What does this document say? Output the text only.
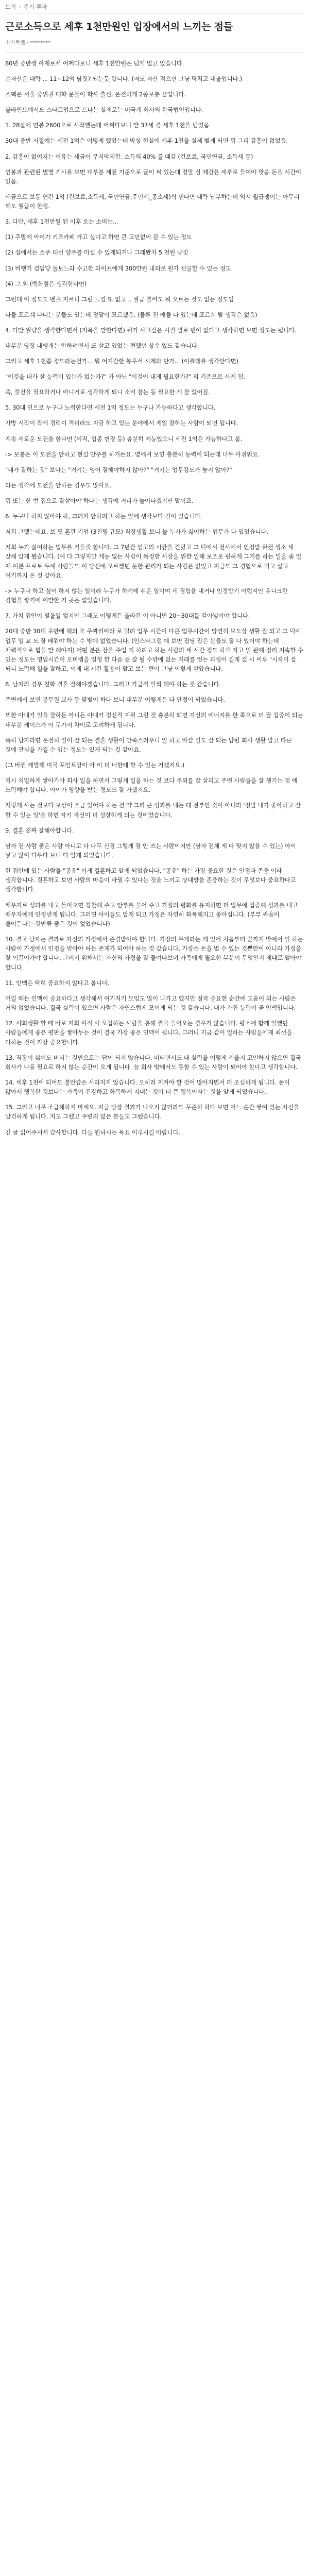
토픽 › 주식·투자
근로소득으로 세후 1천만원인 입장에서의 느끼는 점들
소비트렌 · ********

80년 중반생 아재로서 어쩌다보니 세후 1천만원은 넘게 벌고 있습니다.

순자산은 대략 ... 11~12억 남짓? 되는듯 합니다. (저도 자산 적으면 그냥 닥치고 대출입니다.)

스펙은 서울 중위권 대학 문돌이 학사 출신. 온전하게 2종보통 끝입니다.

블라인드에서도 스타트업으로 드나는 실제로는 미국계 회사의 한국법인입니다.

1. 28살에 연봉 2600으로 시작했는데 어쩌다보니 만 37세 경 세후 1천을 넘었음

30대 중반 시절에는 세전 1억은 어떻게 했었는데 막상 현실에 세후 1천을 실제 벌게 되면 뭐 그리 감흥이 없었음.

2. 감흥이 없어지는 이유는 세금이 무지막지함. 소득의 40% 를 때감 (건보료, 국민연금, 소득세 등)

연봉과 관련된 별별 기사를 보면 대부분 세전 기준으로 글이 써 있는데 정말 실 체감은 세후로 들여야 맞음 돈을 시간이 없음.

세금으로 보통 연간 1억 (건보료,소득세, 국민연금,주민세_종소세)씩 낸다면 대략 납부하는데 역시 월급쟁이는 아무리 해도 월급이 한정.

3. 다만, 세후 1천만원 된 이후 오는 소비는...

(1) 주말에 아이가 키즈카페 가고 싶다고 하면 큰 고민없이 갈 수 있는 정도

(2) 집에서는 소주 대신 양주를 마실 수 있게되거나 그래봤자 5 천원 남짓

(3) 비행기 검입당 돌보느라 수고한 와이프에게 300만원 내외로 원가 선물할 수 있는 정도

(4) 그 외 (백화점은 생각한다면)

그런데 이 정도도 벤츠 지르니 그런 느낌 또 없고 .. 월급 불어도 뭐 오르는 것도 없는 정도임

다들 포르쉐 다니는 분들도 있는데 정말이 모르겠음. (물론 전 애들 다 있는데 포르쉐 탈 생각은 없음)

4. 다만 월냥을 생각한다면서 (지목을 만한다면) 뭔가 사고싶은 시절 별로 빈이 없다고 생각하면 보면 정도는 됩니다.

대부분 당장 내팽개는 안하려면서 또 살고 있었는 편했던 상수 있도 같습니다.

그리고 세후 1천쯤 정도라는건가... 뭐 어지간한 봉투서 시계와 단가... (이를테를 생각안다면)

"이것을 내가 살 능력이 있는가 없는가?" 가 아닌 "이것이 내게 필요한가?" 의 기준으로 사게 됨.

즉, 물건을 필요하거나 아니거로 생각하게 되니 소비 참는 등 필요한 게 잘 없어짐.

5. 30대 인으로 누구나 노력한다면 세전 1억 정도는 누구나 가능하다고 생각합니다.

가방 시작이 작게 경력이 적더라도 지금 하고 있는 분야에서 제일 잘하는 사람이 되면 됩니다.

계속 새로운 도전을 한다면 (이직, 업종 변경 등) 충분히 제능있으니 세전 1억은 가능하다고 봄.

-> 보통은 이 도전을 안하고 현실 안주를 하거든요. 옆에서 보면 충분히 능력이 되는데 너무 아쉬워요.

"내가 잘하는 것" 보다는 "거기는 영어 잘해야하지 않아?" "거기는 업무강도가 높지 않아?"

라는 생각에 도전을 안하는 경우도 많아요.

뭐 또는 한 번 집으로 잘살아야 하다는 생각에 거리가 늘어나겠지만 말이죠.

6. 누구나 하지 않아야 하, 끄러지 안하려고 하는 일에 생각보다 길이 있습니다.

저희 그랬는데요. 보 및 혼관 기업 (3천명 규모) 직장생활 보니 늘 누가가 싫어하는 업무가 다 있었습니다.

저희 누가 싫어하는 업무를 거들줄 합니다. 그 7년간 인고의 시간을 견뎠고 그 덕에서 전사에서 인정받 완전 생소 새 잘해 알게 됐습니다. (예 다 그렇지만 재능 없는 사람이 특정한 사장을 위한 일해 보조로 편하게 그거를 하는 일을 좀 일 제 이분 프로토 두세 사람들도 이 당신에 모르겠던 듯한 관리가 되는 사람은 없었고 지금도 그 경험으로 먹고 살고 여기까지 온 것 같아요.

-> 누구나 하고 싶어 하지 않는 일이라 누구가 하기에 쉬운 일이여 세 경험을 내거나 인정받기 어렵지만 유니크한 경험을 쌓기에 이만한 기 곳은 없었습니다.

7. 가치 집안이 별볼일 없지만 그래도 어떻게든 올라간 이 아니면 20~30대를 갈아넣어야 합니다.

20대 중반 30대 초반에 해외 조 주짜리이라 로 밀려 업무 시간이 다른 업무시간이 당연히 보도상 생활 잘 되고 그 덕에 업무 일 교 도 잘 배워야 하는 수 밖에 없었습니다. (인스타그램 에 보면 잡당 잡은 분들도 잘 다 있어야 하는데 체력적으로 힘들 만 해야지) 어떤 분은 잠을 주업 지 하려고 하는 사람의 세 시간 정도 하루 자고 일 관해 정리 지속할 수 있는 정도는 영업시간이 오버랩을 엄청 한 다음 등 잘 될 수밖에 없는 거래를 얻는 과정이 길게 걸 시 이루 "시작이 잘 되니 노력해 일을 잘하고, 이게 내 시간 활용이 말고 보는 편이 그냥 이렇게 살았습니다.

8. 남자의 경우 친학 결혼 잘해야겠습니다. 그리고 가급적 일찍 해야 하는 것 같습니다.

주변에서 보면 공무원 교사 등 맞벌이 하다 보니 대부분 어떻게든 다 안정이 되었습니다.

또한 아내가 일을 잘하든 아니든 아내가 정신적 지원 그런 것 충분히 되면 자신의 에너지를 한 쪽으로 더 잘 집중이 되는 대부분 케이스가 이 두가지 차이로 고려하게 됩니다.

특히 남자라면 온전히 일이 잘 되는 결혼 생활이 만족스러우니 일 하고 바깥 일도 잘 되는 남편 회사 생활 말고 다른 것에 관심을 가질 수 있는 정도는 있게 되는 것 같아요.

(그 바뀐 케발해 미국 포인트망이 아 이 더 너한테 할 수 있는 거겠지요.)

역시 치밀하게 쌓아가야 회사 일을 하면서 그렇게 일을 하는 것 보다 주위를 잘 살피고 주변 사람들을 잘 챙기는 것 에 노력해야 합니다. 아이가 영향을 받는 정도도 잘 가겠지요.

저렇게 사는 것보다 보상이 조금 있어야 하는 건 약 그리 큰 성과를 내는 데 전부인 것이 아니라 '정말 내가 좋아하고 잘 할 수 있는 일'을 하면 자기 자신이 더 성장하게 되는 것이었습니다.

9. 결혼 진짜 잘해야합니다.

남자 전 사람 좋은 사람 아니고 다 나무 신경 그렇게 잘 안 쓰는 사람이지만 (남자 전체 게 다 맞지 않을 수 있는) 아이 낳고 많이 다투다 보니 다 알게 되었습니다.

한 집안에 있는 사람들 "공유" 이게 결혼하고 알게 되었습니다. "공유" 하는 가장 중요한 것은 인정과 존중 이라 생각합니다. 결혼하고 보면 사람의 마음이 바뀔 수 있다는 것을 느끼고 상대방을 존중하는 것이 무엇보다 중요하다고 생각합니다.

배우자로 성과를 내고 돌아오면 칭찬해 주고 안부를 물어 주고 가정의 평화를 유지하면 더 업무에 집중해 성과를 내고 배우자에게 인정받게 됩니다. 그러면 아이들도 알게 되고 가정은 자연히 화목해지고 좋아집니다. (부부 싸움이 줄어든다는 것만큼 좋은 것이 없었습니다)

10. 결국 남자는 결과로 자신의 가정에서 존경받아야 합니다. 가장의 무게라는 게 있어 처음부터 끝까지 밖에서 일 하는 사람이 가정에서 인정을 받아야 하는 존재가 되어야 하는 것 같습니다. 가장은 돈을 벌 수 있는 것뿐만이 아니라 가정을 잘 이끌어가야 합니다. 그러기 위해서는 자신의 가정을 잘 들여다보며 가족에게 필요한 부분이 무엇인지 제대로 알아야 합니다.

11. 인맥은 딱히 중요하지 않다고 봅니다.

어릴 때는 인맥이 중요하다고 생각해서 여기저기 모임도 많이 나가고 했지만 정작 중요한 순간에 도움이 되는 사람은 거의 없었습니다. 결국 실력이 있으면 사람은 자연스럽게 모이게 되는 것 같습니다. 내가 가진 능력이 곧 인맥입니다.

12. 사회생활 할 때 바로 저희 이직 사 모집하는 사람을 통해 결국 들어오는 경우가 많습니다. 평소에 함께 일했던 사람들에게 좋은 평판을 쌓아두는 것이 결국 가장 좋은 인맥이 됩니다. 그러니 지금 같이 일하는 사람들에게 최선을 다하는 것이 가장 중요합니다.

13. 직장이 싫어도 버티는 것만으로는 답이 되지 않습니다. 버티면서도 내 실력을 어떻게 키울지 고민하지 않으면 결국 회사가 나를 필요로 하지 않는 순간이 오게 됩니다. 늘 회사 밖에서도 통할 수 있는 사람이 되어야 한다고 생각합니다.

14. 세후 1천이 되어도 불안감은 사라지지 않습니다. 오히려 지켜야 할 것이 많아지면서 더 조심하게 됩니다. 돈이 많아서 행복한 것보다는 가족이 건강하고 화목하게 지내는 것이 더 큰 행복이라는 것을 알게 되었습니다.

15. 그리고 너무 조급해하지 마세요. 지금 당장 결과가 나오지 않더라도 꾸준히 하다 보면 어느 순간 쌓여 있는 자신을 발견하게 됩니다. 저도 그랬고 주변의 많은 분들도 그랬습니다.

긴 글 읽어주셔서 감사합니다. 다들 원하시는 목표 이루시길 바랍니다.
